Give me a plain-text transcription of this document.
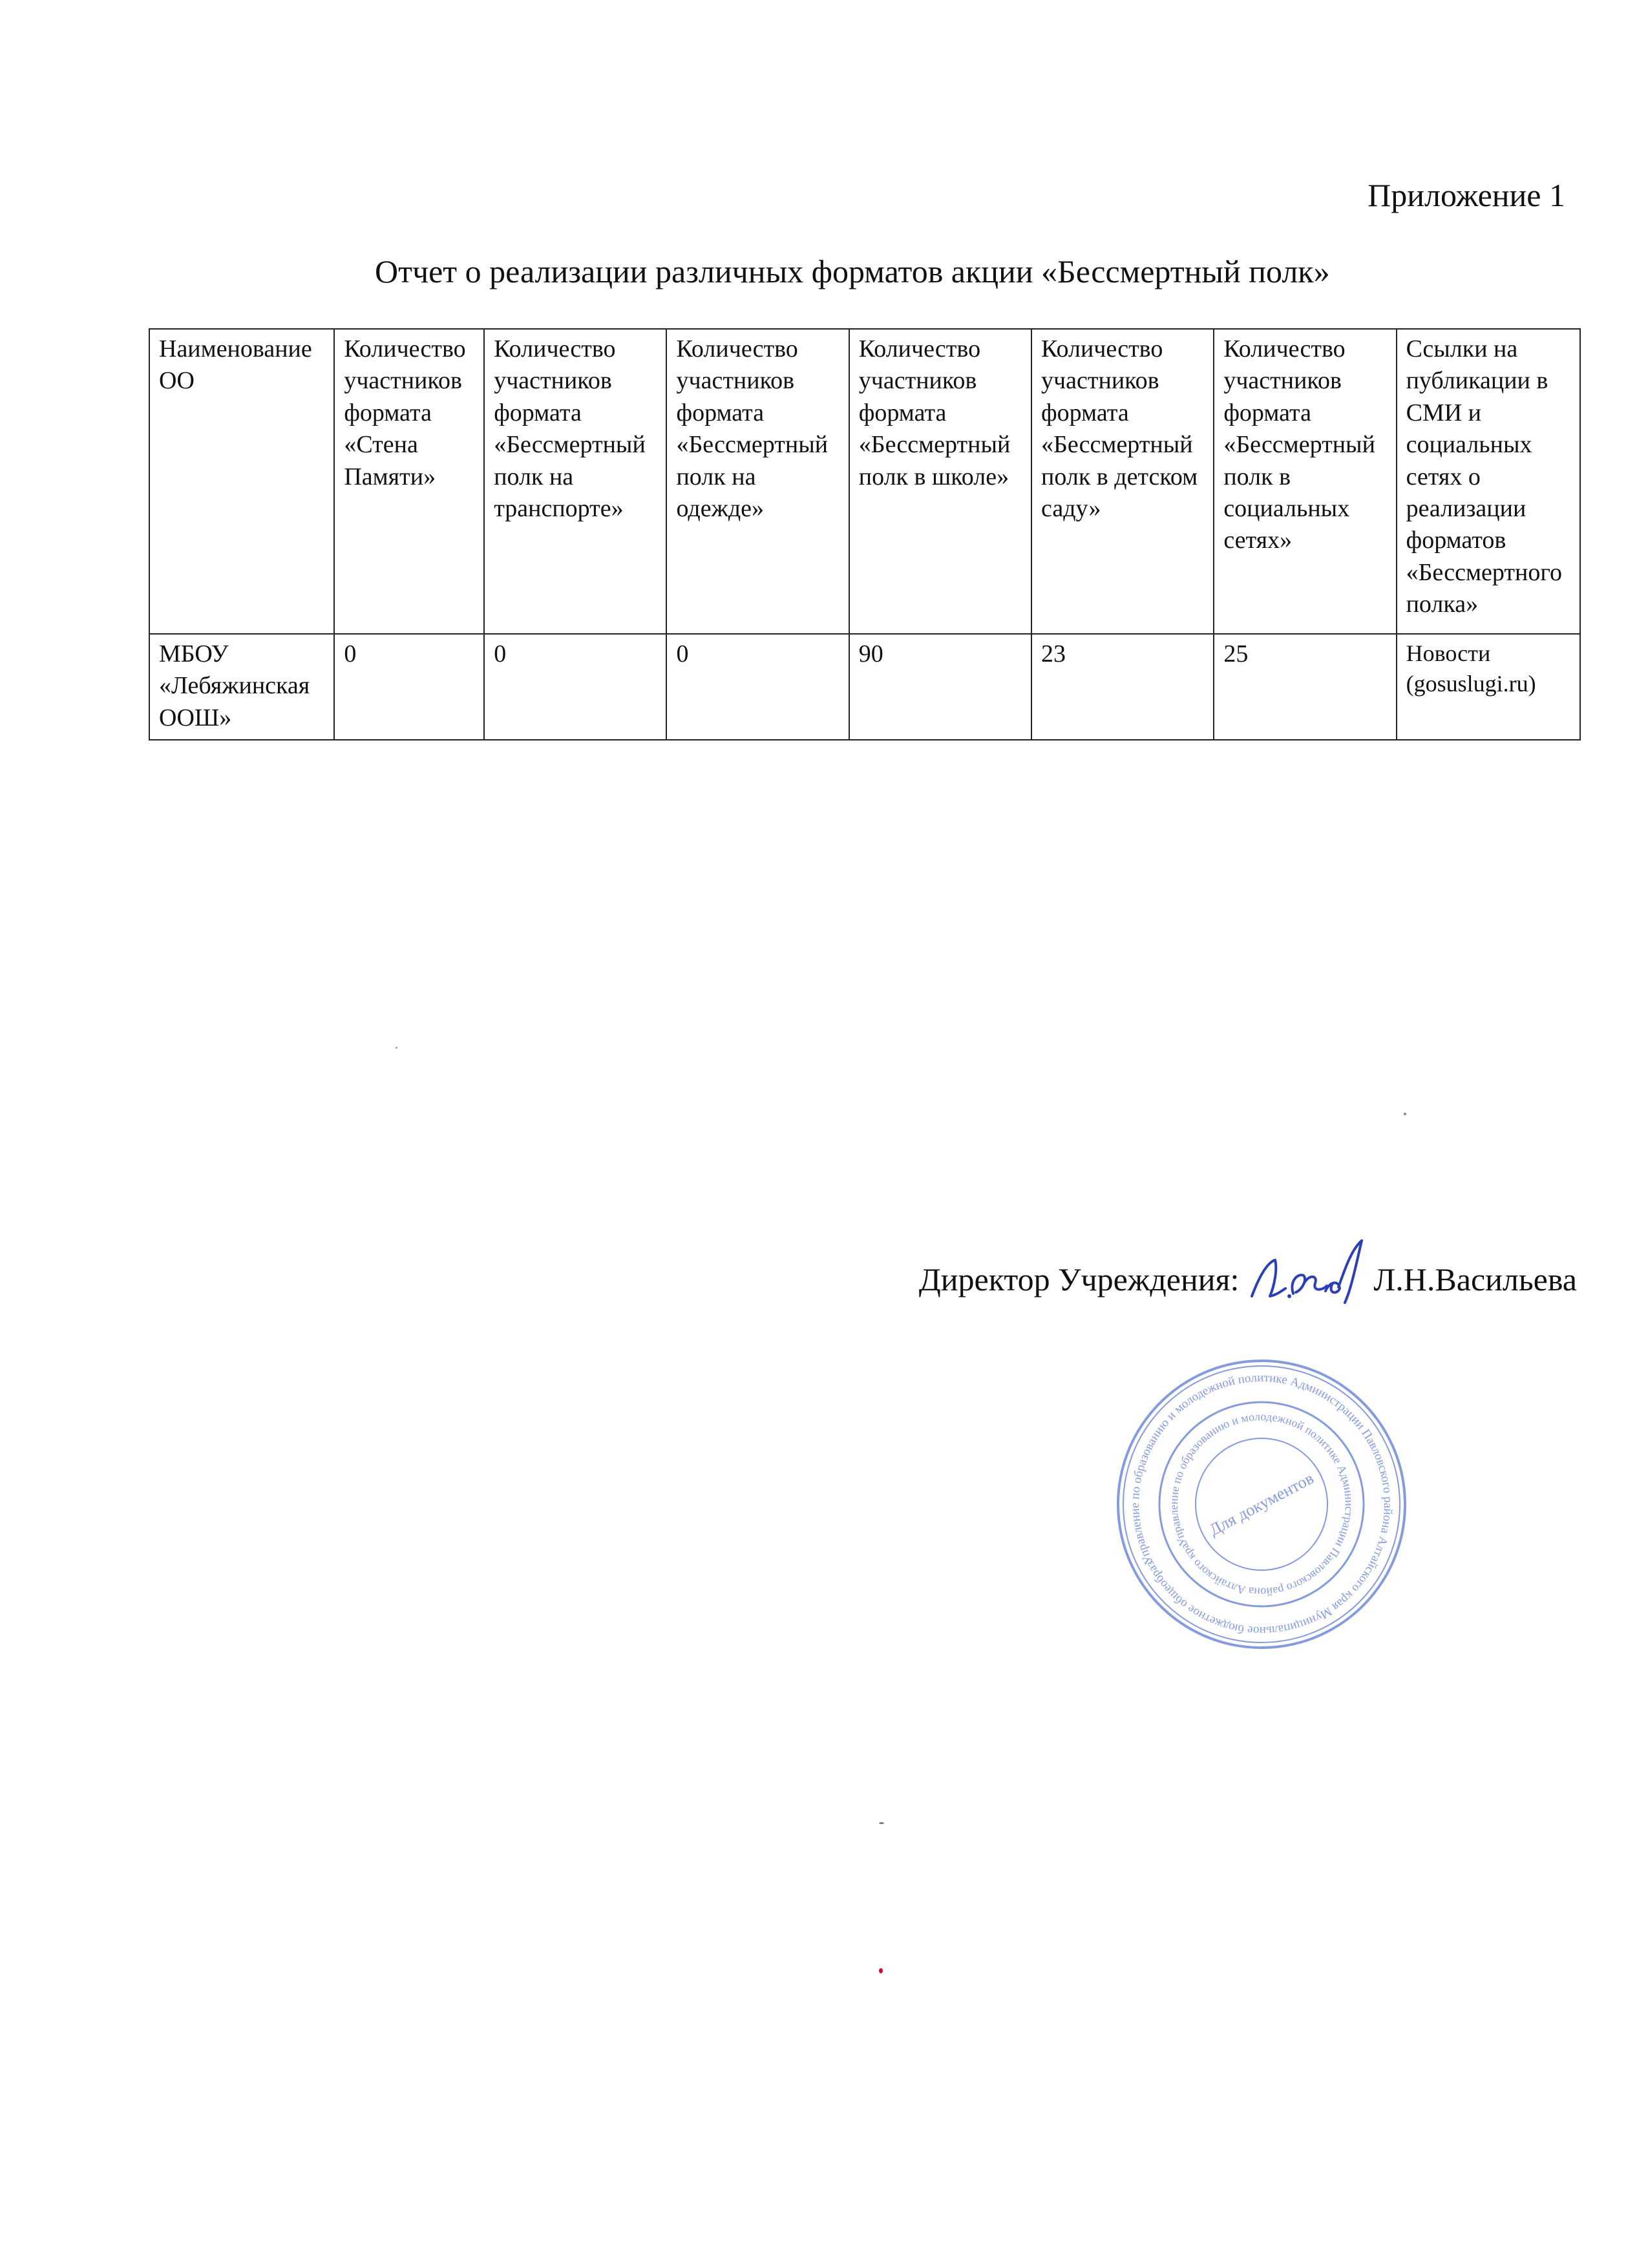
Приложение 1
Отчет о реализации различных форматов акции «Бессмертный полк»
Наименование ОО	Количество участников формата «Стена Памяти»	Количество участников формата «Бессмертный полк на транспорте»	Количество участников формата «Бессмертный полк на одежде»	Количество участников формата «Бессмертный полк в школе»	Количество участников формата «Бессмертный полк в детском саду»	Количество участников формата «Бессмертный полк в социальных сетях»	Ссылки на публикации в СМИ и социальных сетях о реализации форматов «Бессмертного полка»
МБОУ «Лебяжинская ООШ»	0	0	0	90	23	25	Новости (gosuslugi.ru)
Директор Учреждения:	Л.Н.Васильева
Управление по образованию и молодежной политике Администрации Павловского района Алтайского края Муниципальное бюджетное общеобразовательное
Управление по образованию и молодежной политике Администрации Павловского района Алтайского края
Для документов
